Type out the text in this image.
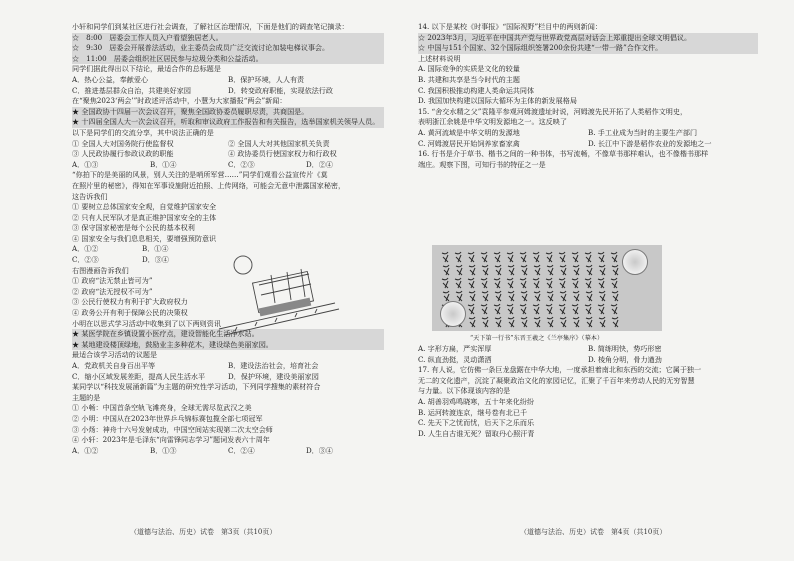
小轩和同学们到某社区进行社会调查，了解社区治理情况，下面是他们的调查笔记摘录：
☆　8:00　居委会工作人员入户看望独居老人。
☆　9:30　居委会开展普法活动，业主委员会成员广泛交流讨论加装电梯议事会。
☆　11:00　居委会组织社区居民参与垃圾分类和公益活动。
同学们据此得出以下结论，最适合作的总标题是
A．热心公益，奉献爱心	B．保护环境，人人有责
C．推进基层群众自治，共建美好家园	D．转变政府职能，实现依法行政
在“聚焦2023‘两会’”时政述评活动中，小慧为大家播报“两会”新闻：
★ 全国政协十四届一次会议召开，聚焦全国政协委员履职尽责，共商国是。
★ 十四届全国人大一次会议召开，听取和审议政府工作报告和有关报告，选举国家机关领导人员。
以下是同学们的交流分享，其中说法正确的是
① 全国人大对国务院行使监督权	② 全国人大对其他国家机关负责
③ 人民政协履行参政议政的职能	④ 政协委员行使国家权力和行政权
A．①③	B．①④	C．②③	D．②④
“你拍下的是美丽的风景，别人关注的是哨所军营……”同学们观看公益宣传片《莫
在照片里的秘密》，得知在军事设施附近拍照、上传网络，可能会无意中泄露国家秘密，
这告诉我们
① 要树立总体国家安全观，自觉维护国家安全
② 只有人民军队才是真正维护国家安全的主体
③ 保守国家秘密是每个公民的基本权利
④ 国家安全与我们息息相关，要增强预防意识
A．①②	B．①④
C．②③	D．③④
右图漫画告诉我们
① 政府“法无禁止皆可为”
② 政府“法无授权不可为”
③ 公民行使权力有利于扩大政府权力
④ 政务公开有利于保障公民的决策权
小明在以思式学习活动中收集到了以下两则资讯
★ 某医学院在乡镇设置小医疗点，建设智能化生活净水站。
★ 某地建设楼顶绿地，鼓励业主多种花木，建设绿色美丽家园。
最适合该学习活动的议题是
A．党政机关自身百出平等	B．建设法治社会，培育社会
C．缩小区域发展差距，提高人民生活水平	D．保护环境，建设美丽家园
某同学以“科技发展涌新篇”为主题的研究性学习活动，下列同学搜集的素材符合
主题的是
① 小畅：中国首条空轨飞滩亮身，全球无需尽览武汉之美
② 小明：中国从在2023年世界乒乓锦标赛包揽全部七项冠军
③ 小炀：神舟十六号发射成功，中国空间站实现第二次太空会师
④ 小轩：2023年是毛泽东“向雷锋同志学习”题词发表六十周年
A．①②	B．①③	C．②④	D．③④
14. 以下是某校《时事报》“国际视野”栏目中的两则新闻：
☆ 2023年3月，习近平在中国共产党与世界政党高层对话会上郑重提出全球文明倡议。
☆ 中国与151个国家、32个国际组织签署200余份共建“一带一路”合作文件。
上述材料说明
A. 国际竞争的实质是文化的较量
B. 共建和共享是当今时代的主题
C. 我国积极推动构建人类命运共同体
D. 我国加快构建以国际大循环为主体的新发展格局
15. “舍交水精之父”袁隆平参观河姆渡遗址时说，河姆渡先民开拓了人类稻作文明史，
表明浙江余姚是中华文明发源地之一。这反映了
A. 黄河流域是中华文明的发源地	B. 手工业成为当时的主要生产部门
C. 河姆渡居民开始饲养家畜家禽	D. 长江中下游是稻作农业的发源地之一
16. 行书是介于草书、楷书之间的一种书体，书写流畅，不像草书那样难认，也不像楷书那样
端庄。观察下图，可知行书的特征之一是
“天下第一行书”东晋王羲之《兰亭集序》（摹本）
A. 字形方扁，严实浑厚	B. 简练明快，势巧形密
C. 纵直劲挺，灵动潇洒	D. 棱角分明，骨力遒劲
17. 有人说，它仿佛一条巨龙盘踞在中华大地，一度承担着南北和东西的交流；它属于独一
无二的文化遗产，沉淀了凝聚政治文化的家园记忆，汇聚了千百年来劳动人民的无穷智慧
与力量。以下体现该内容的是
A. 胡善羽鸡鸣晓寒，五十年来化纷纷
B. 运河转渡连京，继号卷有北已千
C. 先天下之忧而忧，后天下之乐而乐
D. 人生自古谁无死？留取丹心照汗青
（道德与法治、历史）试卷　第3页（共10页）	（道德与法治、历史）试卷　第4页（共10页）
